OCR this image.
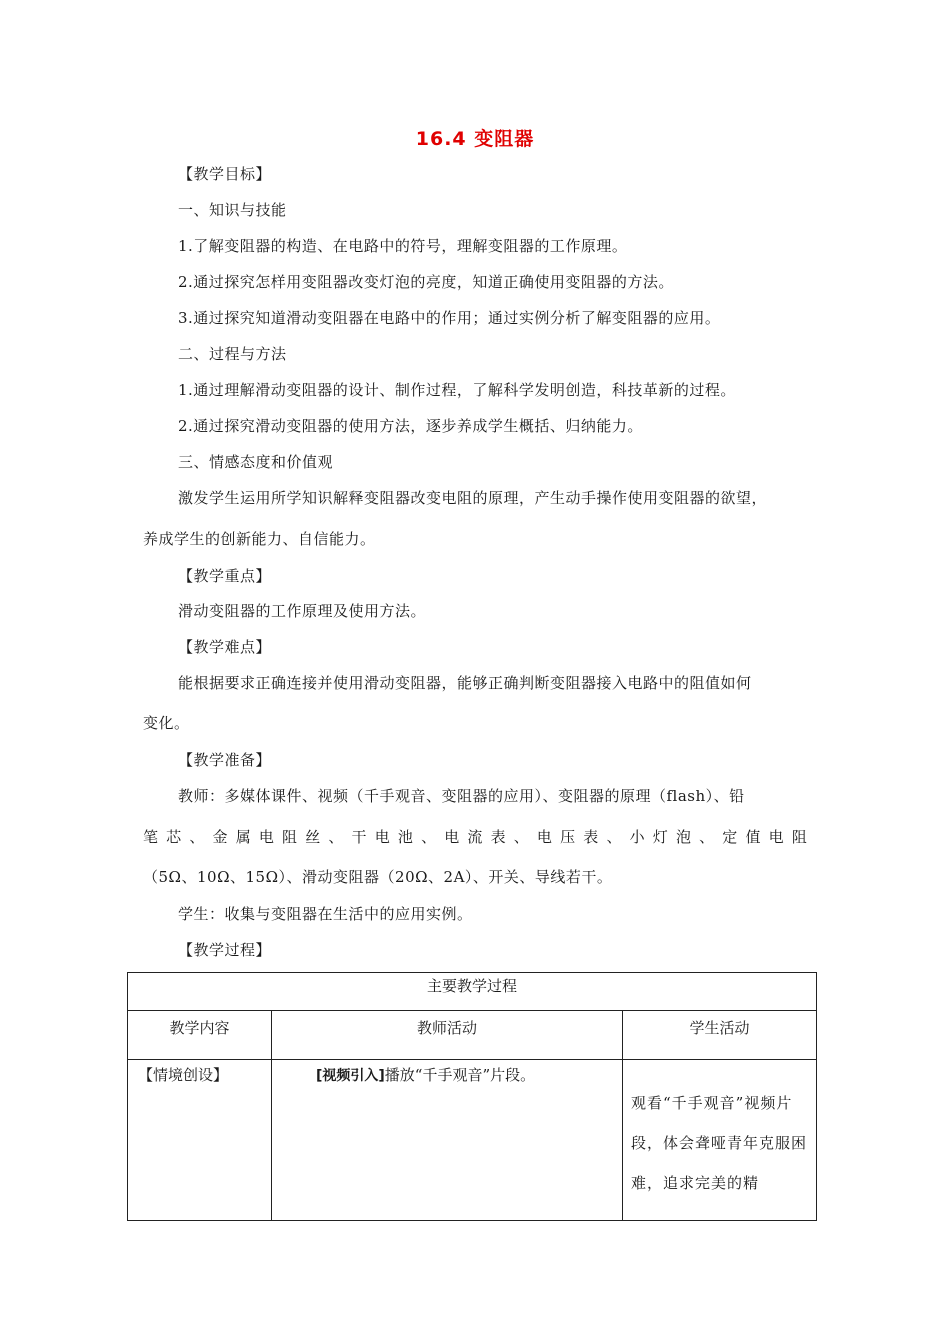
16.4 变阻器
【教学目标】
一、知识与技能
1.了解变阻器的构造、在电路中的符号，理解变阻器的工作原理。
2.通过探究怎样用变阻器改变灯泡的亮度，知道正确使用变阻器的方法。
3.通过探究知道滑动变阻器在电路中的作用；通过实例分析了解变阻器的应用。
二、过程与方法
1.通过理解滑动变阻器的设计、制作过程，了解科学发明创造，科技革新的过程。
2.通过探究滑动变阻器的使用方法，逐步养成学生概括、归纳能力。
三、情感态度和价值观
激发学生运用所学知识解释变阻器改变电阻的原理，产生动手操作使用变阻器的欲望，
养成学生的创新能力、自信能力。
【教学重点】
滑动变阻器的工作原理及使用方法。
【教学难点】
能根据要求正确连接并使用滑动变阻器，能够正确判断变阻器接入电路中的阻值如何
变化。
【教学准备】
教师：多媒体课件、视频（千手观音、变阻器的应用）、变阻器的原理（flash）、铅
笔 芯 、 金 属 电 阻 丝 、 干 电 池 、 电 流 表 、 电 压 表 、 小 灯 泡 、 定 值 电 阻
（5Ω、10Ω、15Ω）、滑动变阻器（20Ω、2A）、开关、导线若干。
学生：收集与变阻器在生活中的应用实例。
【教学过程】
主要教学过程		
教学内容	教师活动	学生活动
【情境创设】	[视频引入]播放“千手观音”片段。	观看“千手观音”视频片段，体会聋哑青年克服困难，追求完美的精
